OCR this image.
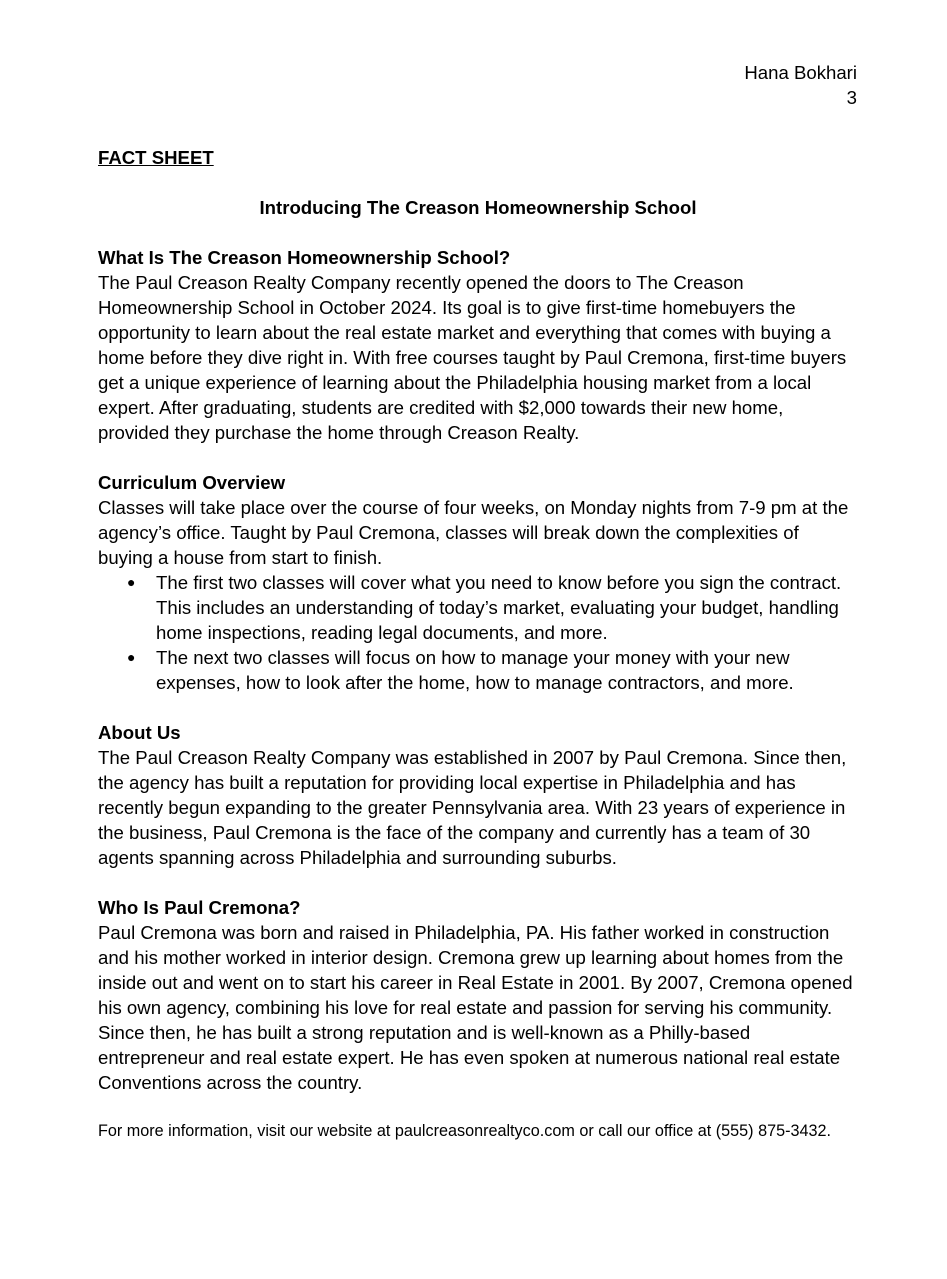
Hana Bokhari
3

FACT SHEET

Introducing The Creason Homeownership School

What Is The Creason Homeownership School?

The Paul Creason Realty Company recently opened the doors to The Creason Homeownership School in October 2024. Its goal is to give first-time homebuyers the opportunity to learn about the real estate market and everything that comes with buying a home before they dive right in. With free courses taught by Paul Cremona, first-time buyers get a unique experience of learning about the Philadelphia housing market from a local expert. After graduating, students are credited with $2,000 towards their new home, provided they purchase the home through Creason Realty.

Curriculum Overview

Classes will take place over the course of four weeks, on Monday nights from 7-9 pm at the agency’s office. Taught by Paul Cremona, classes will break down the complexities of buying a house from start to finish.

● The first two classes will cover what you need to know before you sign the contract. This includes an understanding of today’s market, evaluating your budget, handling home inspections, reading legal documents, and more.
● The next two classes will focus on how to manage your money with your new expenses, how to look after the home, how to manage contractors, and more.

About Us

The Paul Creason Realty Company was established in 2007 by Paul Cremona. Since then, the agency has built a reputation for providing local expertise in Philadelphia and has recently begun expanding to the greater Pennsylvania area. With 23 years of experience in the business, Paul Cremona is the face of the company and currently has a team of 30 agents spanning across Philadelphia and surrounding suburbs.

Who Is Paul Cremona?

Paul Cremona was born and raised in Philadelphia, PA. His father worked in construction and his mother worked in interior design. Cremona grew up learning about homes from the inside out and went on to start his career in Real Estate in 2001. By 2007, Cremona opened his own agency, combining his love for real estate and passion for serving his community. Since then, he has built a strong reputation and is well-known as a Philly-based entrepreneur and real estate expert. He has even spoken at numerous national real estate Conventions across the country.

For more information, visit our website at paulcreasonrealtyco.com or call our office at (555) 875-3432.
